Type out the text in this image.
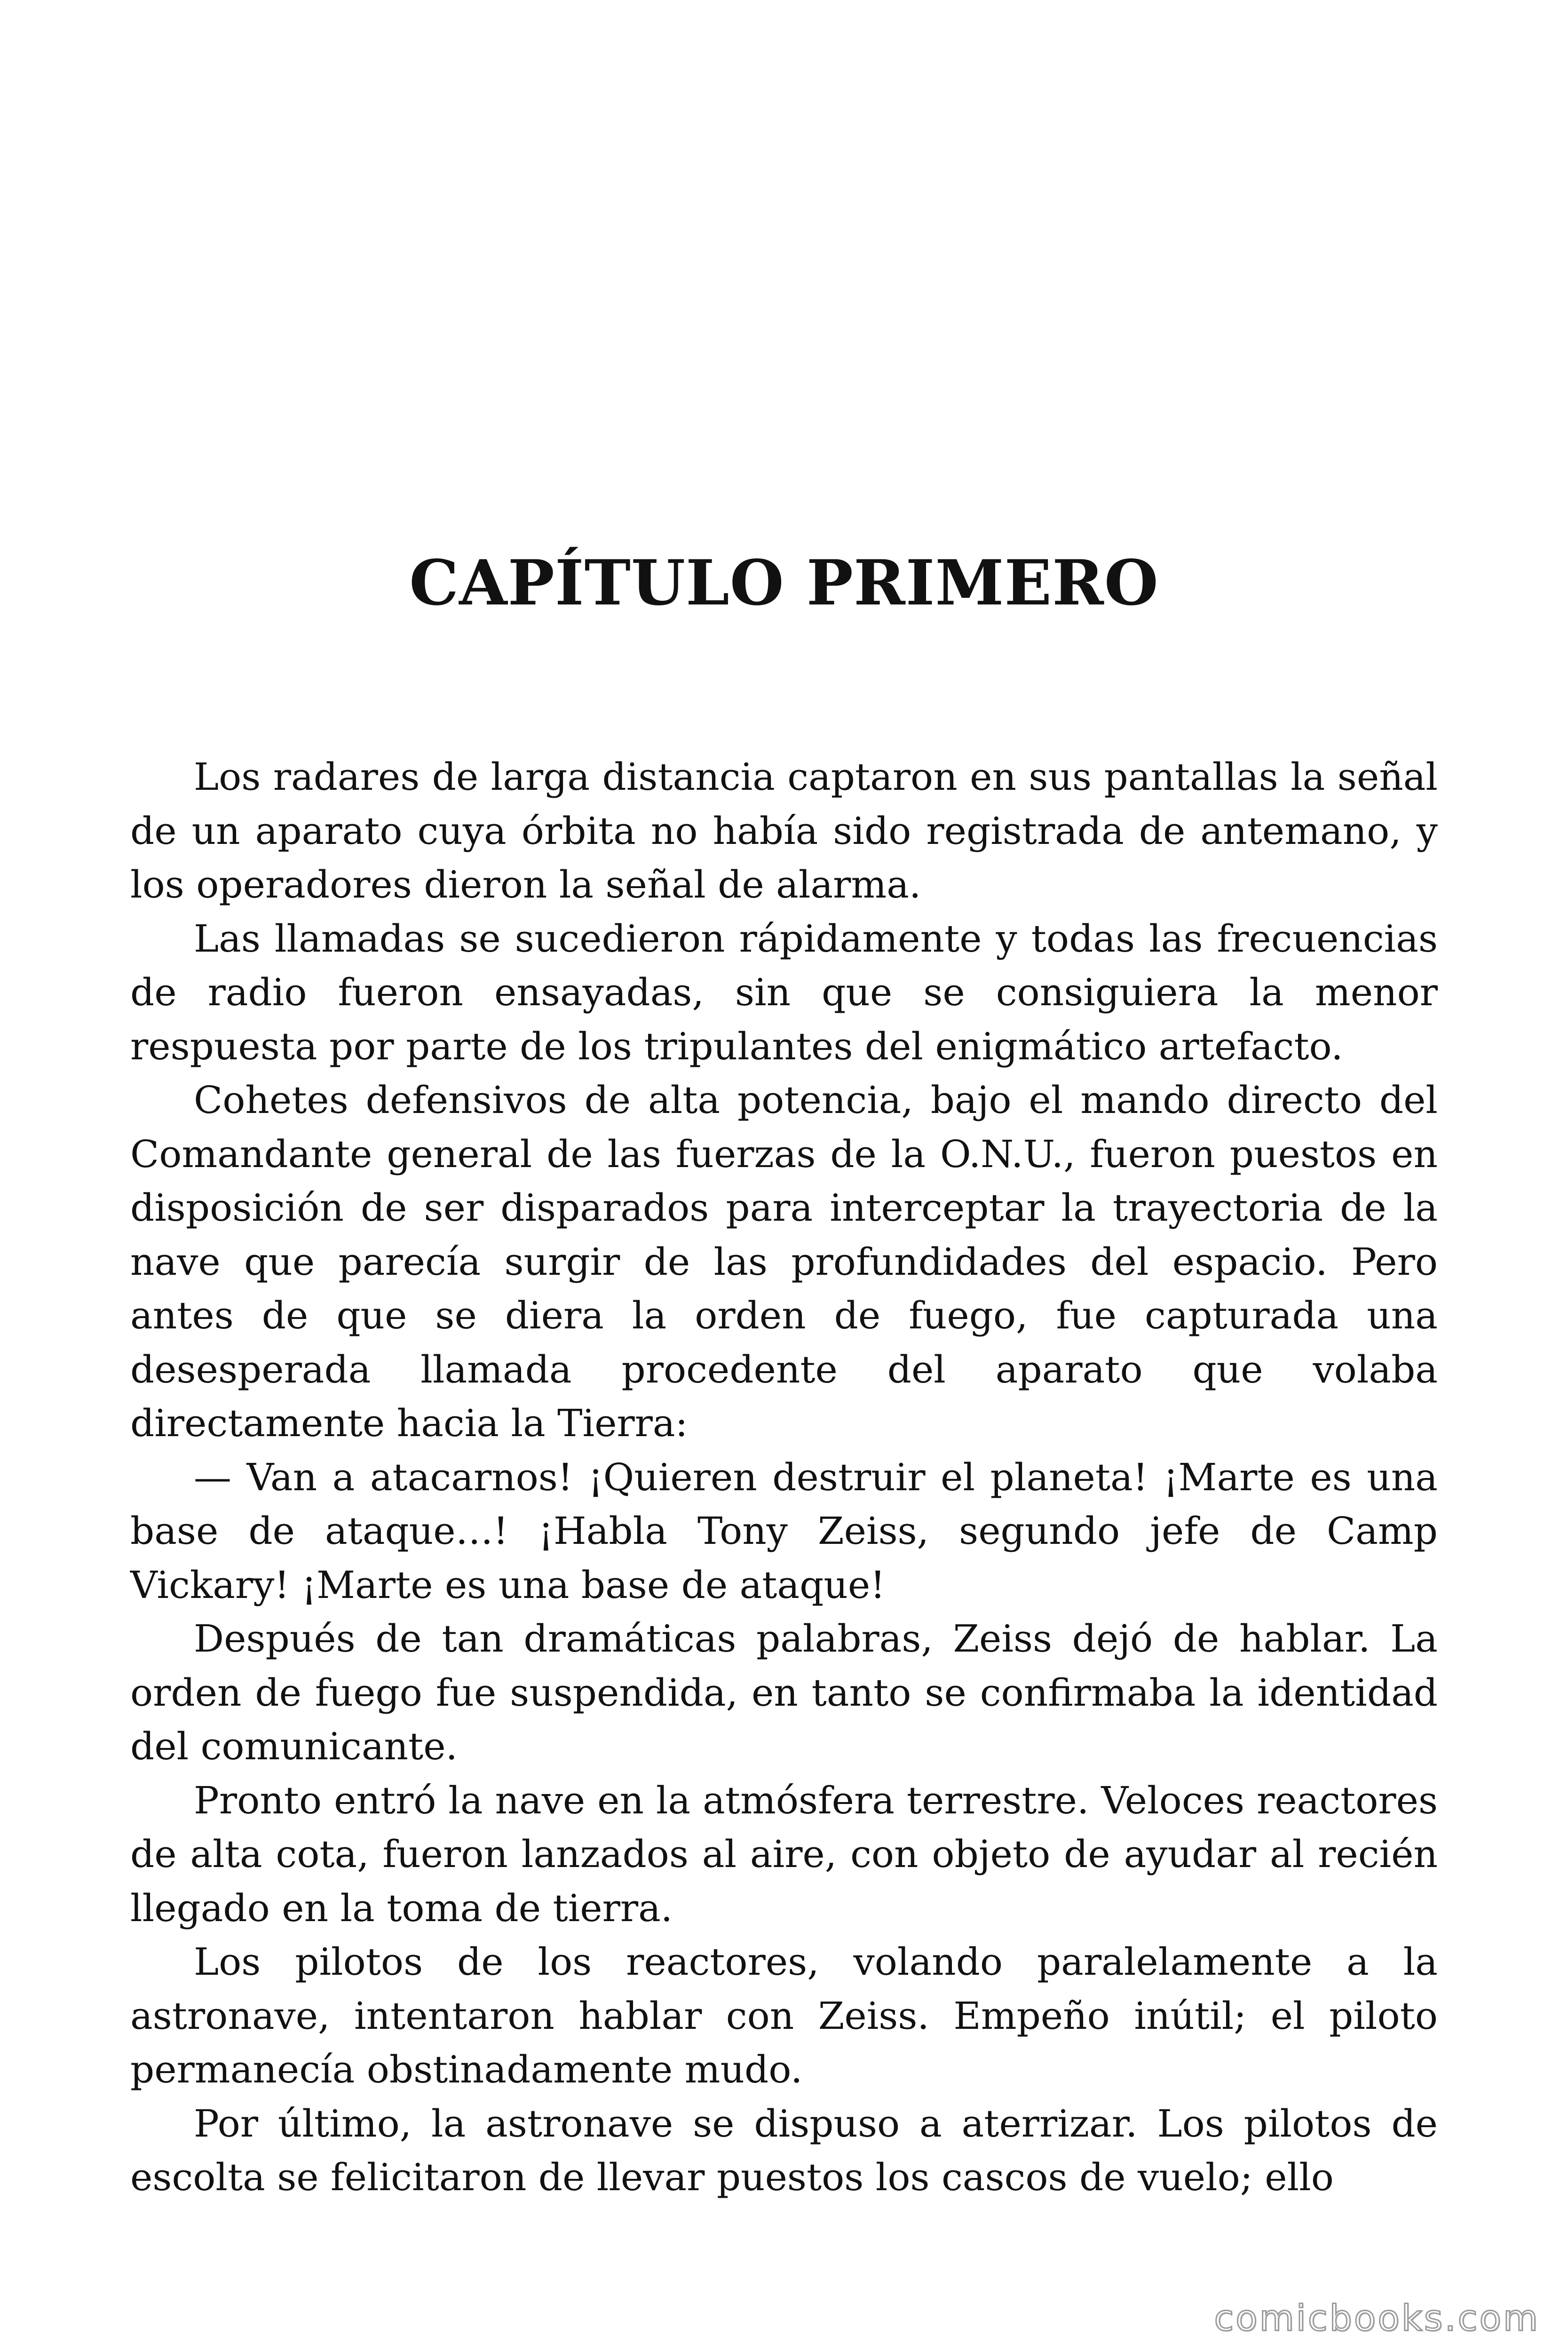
CAPÍTULO PRIMERO

Los radares de larga distancia captaron en sus pantallas la señal de un aparato cuya órbita no había sido registrada de antemano, y los operadores dieron la señal de alarma.

Las llamadas se sucedieron rápidamente y todas las frecuencias de radio fueron ensayadas, sin que se consiguiera la menor respuesta por parte de los tripulantes del enigmático artefacto.

Cohetes defensivos de alta potencia, bajo el mando directo del Comandante general de las fuerzas de la O.N.U., fueron puestos en disposición de ser disparados para interceptar la trayectoria de la nave que parecía surgir de las profundidades del espacio. Pero antes de que se diera la orden de fuego, fue capturada una desesperada llamada procedente del aparato que volaba directamente hacia la Tierra:

— Van a atacarnos! ¡Quieren destruir el planeta! ¡Marte es una base de ataque…! ¡Habla Tony Zeiss, segundo jefe de Camp Vickary! ¡Marte es una base de ataque!

Después de tan dramáticas palabras, Zeiss dejó de hablar. La orden de fuego fue suspendida, en tanto se confirmaba la identidad del comunicante.

Pronto entró la nave en la atmósfera terrestre. Veloces reactores de alta cota, fueron lanzados al aire, con objeto de ayudar al recién llegado en la toma de tierra.

Los pilotos de los reactores, volando paralelamente a la astronave, intentaron hablar con Zeiss. Empeño inútil; el piloto permanecía obstinadamente mudo.

Por último, la astronave se dispuso a aterrizar. Los pilotos de escolta se felicitaron de llevar puestos los cascos de vuelo; ello

comicbooks.com
